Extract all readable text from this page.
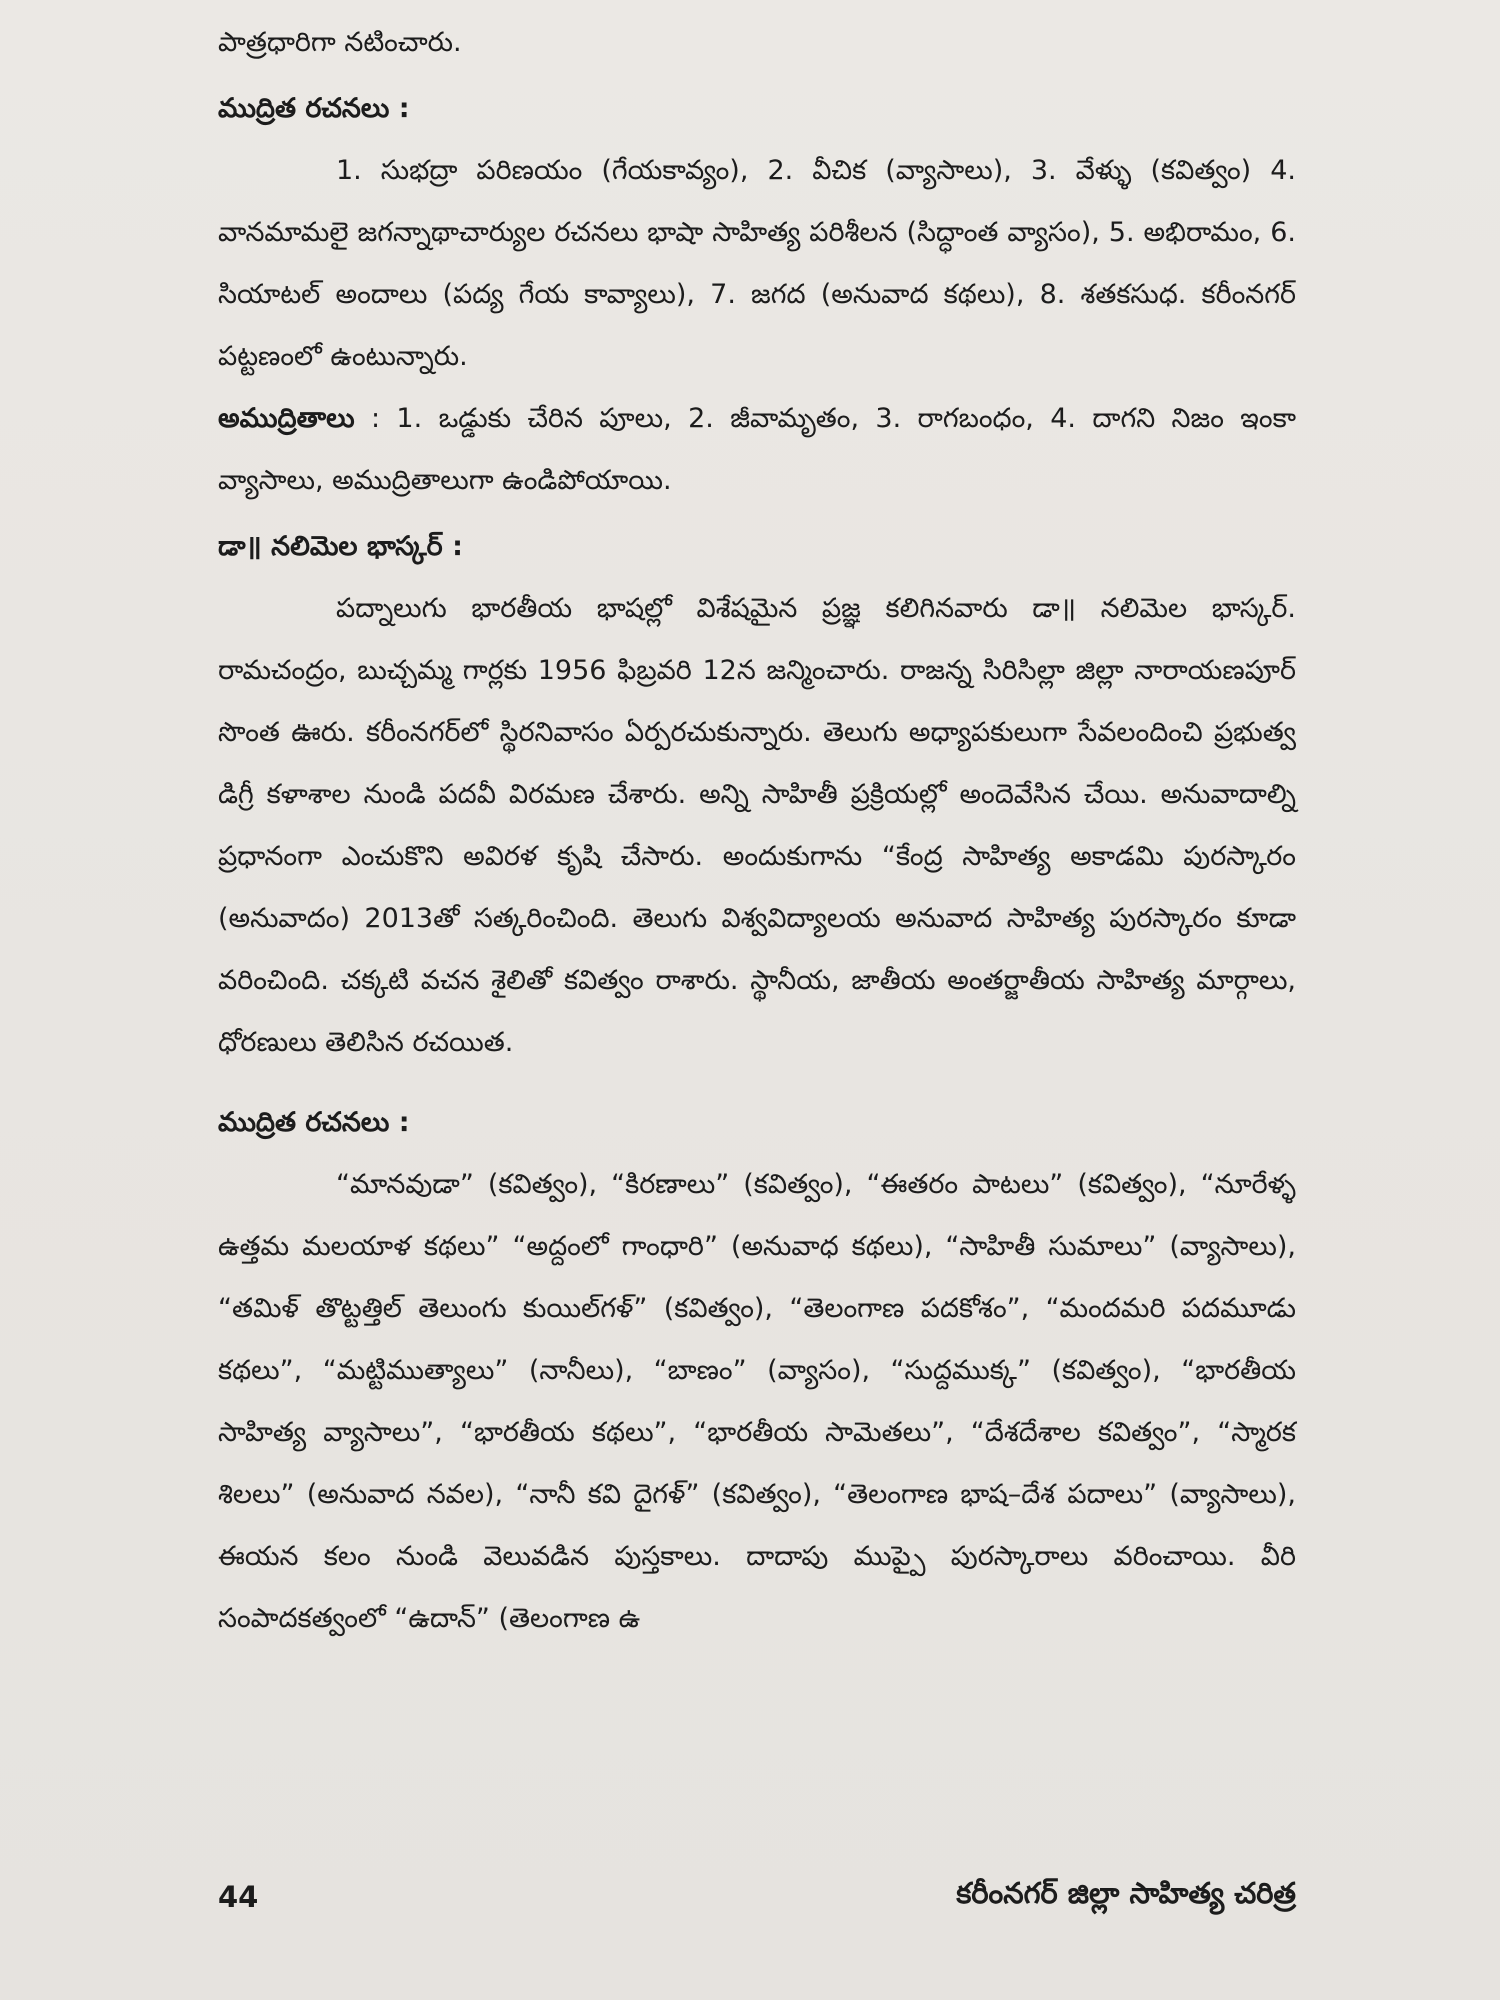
పాత్రధారిగా నటించారు.

ముద్రిత రచనలు :

1. సుభద్రా పరిణయం (గేయకావ్యం), 2. వీచిక (వ్యాసాలు), 3. వేళ్ళు (కవిత్వం) 4. వానమామలై జగన్నాథాచార్యుల రచనలు భాషా సాహిత్య పరిశీలన (సిద్ధాంత వ్యాసం), 5. అభిరామం, 6. సియాటల్ అందాలు (పద్య గేయ కావ్యాలు), 7. జగద (అనువాద కథలు), 8. శతకసుధ. కరీంనగర్ పట్టణంలో ఉంటున్నారు.

అముద్రితాలు : 1. ఒడ్డుకు చేరిన పూలు, 2. జీవామృతం, 3. రాగబంధం, 4. దాగని నిజం ఇంకా వ్యాసాలు, అముద్రితాలుగా ఉండిపోయాయి.

డా॥ నలిమెల భాస్కర్ :

పద్నాలుగు భారతీయ భాషల్లో విశేషమైన ప్రజ్ఞ కలిగినవారు డా॥ నలిమెల భాస్కర్. రామచంద్రం, బుచ్చమ్మ గార్లకు 1956 ఫిబ్రవరి 12న జన్మించారు. రాజన్న సిరిసిల్లా జిల్లా నారాయణపూర్ సొంత ఊరు. కరీంనగర్‌లో స్థిరనివాసం ఏర్పరచుకున్నారు. తెలుగు అధ్యాపకులుగా సేవలందించి ప్రభుత్వ డిగ్రీ కళాశాల నుండి పదవీ విరమణ చేశారు. అన్ని సాహితీ ప్రక్రియల్లో అందెవేసిన చేయి. అనువాదాల్ని ప్రధానంగా ఎంచుకొని అవిరళ కృషి చేసారు. అందుకుగాను “కేంద్ర సాహిత్య అకాడమి పురస్కారం (అనువాదం) 2013తో సత్కరించింది. తెలుగు విశ్వవిద్యాలయ అనువాద సాహిత్య పురస్కారం కూడా వరించింది. చక్కటి వచన శైలితో కవిత్వం రాశారు. స్థానీయ, జాతీయ అంతర్జాతీయ సాహిత్య మార్గాలు, ధోరణులు తెలిసిన రచయిత.

ముద్రిత రచనలు :

“మానవుడా” (కవిత్వం), “కిరణాలు” (కవిత్వం), “ఈతరం పాటలు” (కవిత్వం), “నూరేళ్ళ ఉత్తమ మలయాళ కథలు” “అద్దంలో గాంధారి” (అనువాధ కథలు), “సాహితీ సుమాలు” (వ్యాసాలు), “తమిళ్ తొట్టత్తిల్ తెలుంగు కుయిల్‌గళ్” (కవిత్వం), “తెలంగాణ పదకోశం”, “మందమరి పదమూడు కథలు”, “మట్టిముత్యాలు” (నానీలు), “బాణం” (వ్యాసం), “సుద్దముక్క” (కవిత్వం), “భారతీయ సాహిత్య వ్యాసాలు”, “భారతీయ కథలు”, “భారతీయ సామెతలు”, “దేశదేశాల కవిత్వం”, “స్మారక శిలలు” (అనువాద నవల), “నానీ కవి దైగళ్” (కవిత్వం), “తెలంగాణ భాష–దేశ పదాలు” (వ్యాసాలు), ఈయన కలం నుండి వెలువడిన పుస్తకాలు. దాదాపు ముప్పై పురస్కారాలు వరించాయి. వీరి సంపాదకత్వంలో “ఉదాన్” (తెలంగాణ ఉ

44	కరీంనగర్ జిల్లా సాహిత్య చరిత్ర
